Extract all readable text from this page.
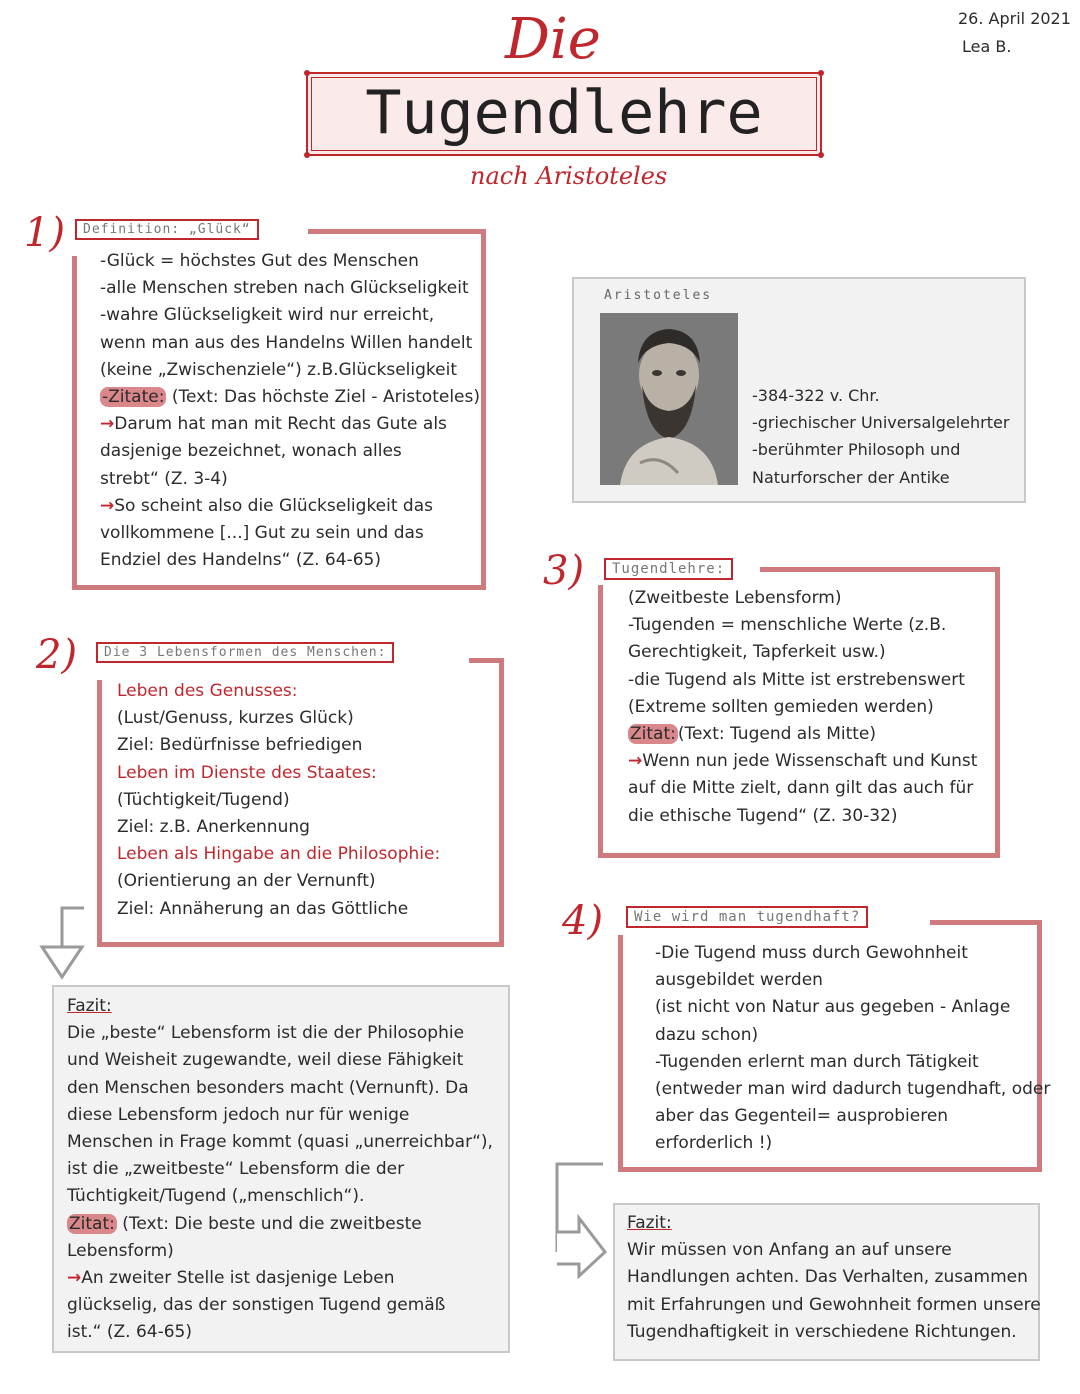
26. April 2021
Lea B.
Die
Tugendlehre
nach Aristoteles
1)	Definition: „Glück“
-Glück = höchstes Gut des Menschen
-alle Menschen streben nach Glückseligkeit
-wahre Glückseligkeit wird nur erreicht,
wenn man aus des Handelns Willen handelt
(keine „Zwischenziele“) z.B.Glückseligkeit
-Zitate: (Text: Das höchste Ziel - Aristoteles)
→Darum hat man mit Recht das Gute als
dasjenige bezeichnet, wonach alles
strebt“ (Z. 3-4)
→So scheint also die Glückseligkeit das
vollkommene [...] Gut zu sein und das
Endziel des Handelns“ (Z. 64-65)
Aristoteles
-384-322 v. Chr.
-griechischer Universalgelehrter
-berühmter Philosoph und
Naturforscher der Antike
2)	Die 3 Lebensformen des Menschen:
Leben des Genusses:
(Lust/Genuss, kurzes Glück)
Ziel: Bedürfnisse befriedigen
Leben im Dienste des Staates:
(Tüchtigkeit/Tugend)
Ziel: z.B. Anerkennung
Leben als Hingabe an die Philosophie:
(Orientierung an der Vernunft)
Ziel: Annäherung an das Göttliche
Fazit:
Die „beste“ Lebensform ist die der Philosophie
und Weisheit zugewandte, weil diese Fähigkeit
den Menschen besonders macht (Vernunft). Da
diese Lebensform jedoch nur für wenige
Menschen in Frage kommt (quasi „unerreichbar“),
ist die „zweitbeste“ Lebensform die der
Tüchtigkeit/Tugend („menschlich“).
Zitat: (Text: Die beste und die zweitbeste
Lebensform)
→An zweiter Stelle ist dasjenige Leben
glückselig, das der sonstigen Tugend gemäß
ist.“ (Z. 64-65)
3)	Tugendlehre:
(Zweitbeste Lebensform)
-Tugenden = menschliche Werte (z.B.
Gerechtigkeit, Tapferkeit usw.)
-die Tugend als Mitte ist erstrebenswert
(Extreme sollten gemieden werden)
Zitat: (Text: Tugend als Mitte)
→Wenn nun jede Wissenschaft und Kunst
auf die Mitte zielt, dann gilt das auch für
die ethische Tugend“ (Z. 30-32)
4)	Wie wird man tugendhaft?
-Die Tugend muss durch Gewohnheit
ausgebildet werden
(ist nicht von Natur aus gegeben - Anlage
dazu schon)
-Tugenden erlernt man durch Tätigkeit
(entweder man wird dadurch tugendhaft, oder
aber das Gegenteil= ausprobieren
erforderlich !)
Fazit:
Wir müssen von Anfang an auf unsere
Handlungen achten. Das Verhalten, zusammen
mit Erfahrungen und Gewohnheit formen unsere
Tugendhaftigkeit in verschiedene Richtungen.
